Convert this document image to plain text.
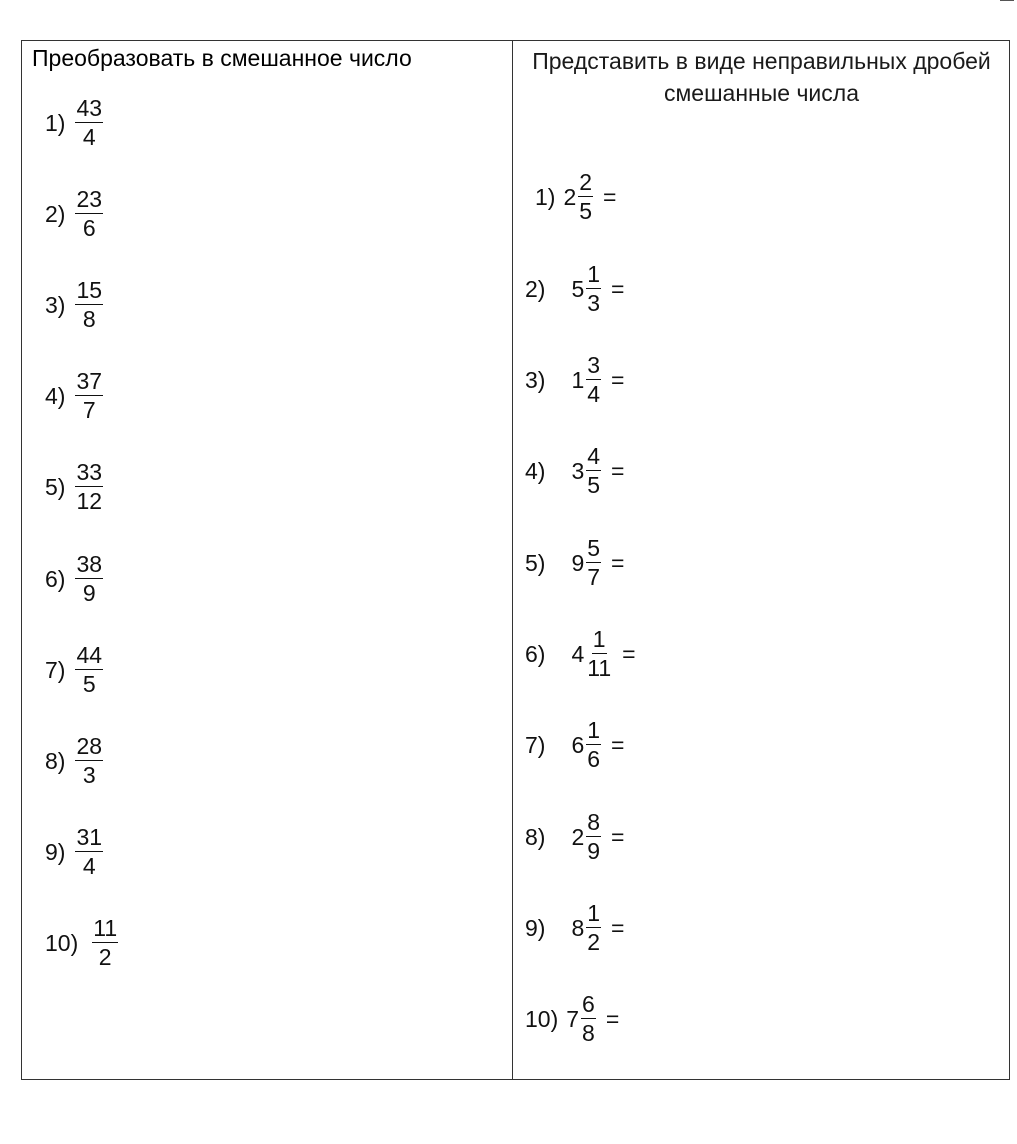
Преобразовать в смешанное число	Представить в виде неправильных дробей смешанные числа
$1) \frac{43}{4}$
$2) \frac{23}{6}$
$3) \frac{15}{8}$
$4) \frac{37}{7}$
$5) \frac{33}{12}$
$6) \frac{38}{9}$
$7) \frac{44}{5}$
$8) \frac{28}{3}$
$9) \frac{31}{4}$
$10) \frac{11}{2}$
1) $2 \frac{2}{5}$ =
2) $5 \frac{1}{3}$ =
3) $1 \frac{3}{4}$ =
4) $3 \frac{4}{5}$ =
5) $9 \frac{5}{7}$ =
6) $4 \frac{1}{11}$ =
7) $6 \frac{1}{6}$ =
8) $2 \frac{8}{9}$ =
9) $8 \frac{1}{2}$ =
10) $7 \frac{6}{8}$ =
